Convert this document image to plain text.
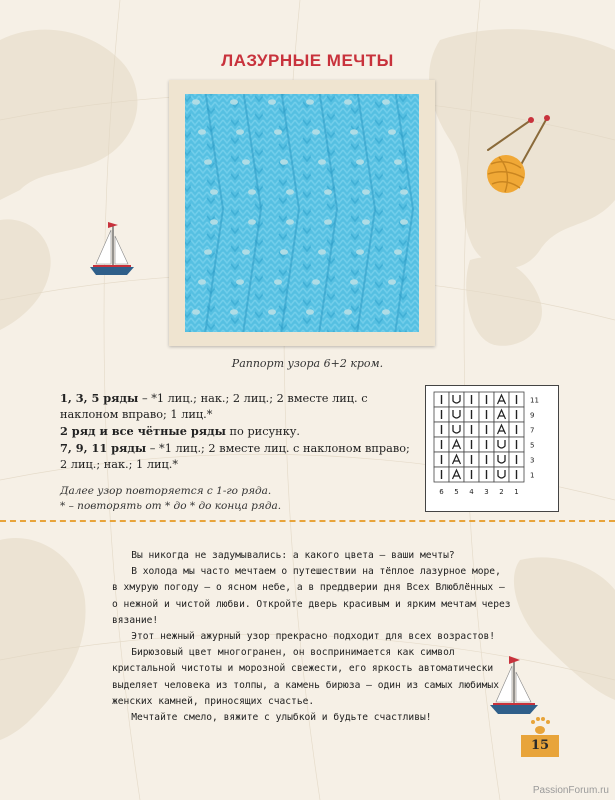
ЛАЗУРНЫЕ МЕЧТЫ
Раппорт узора 6+2 кром.

1, 3, 5 ряды – *1 лиц.; нак.; 2 лиц.; 2 вместе лиц. с наклоном вправо; 1 лиц.*

2 ряд и все чётные ряды по рисунку.

7, 9, 11 ряды – *1 лиц.; 2 вместе лиц. с наклоном вправо; 2 лиц.; нак.; 1 лиц.*

Далее узор повторяется с 1-го ряда.
* – повторять от * до * до конца ряда.
11
9
7
5
3
1
6 5 4 3 2 1

Вы никогда не задумывались: а какого цвета – ваши мечты?

В холода мы часто мечтаем о путешествии на тёплое лазурное море, в хмурую погоду – о ясном небе, а в преддверии дня Всех Влюблённых – о нежной и чистой любви. Откройте дверь красивым и ярким мечтам через вязание!

Этот нежный ажурный узор прекрасно подходит для всех возрастов!

Бирюзовый цвет многогранен, он воспринимается как символ кристальной чистоты и морозной свежести, его яркость автоматически выделяет человека из толпы, а камень бирюза – один из самых любимых женских камней, приносящих счастье.

Мечтайте смело, вяжите с улыбкой и будьте счастливы!

15
PassionForum.ru
